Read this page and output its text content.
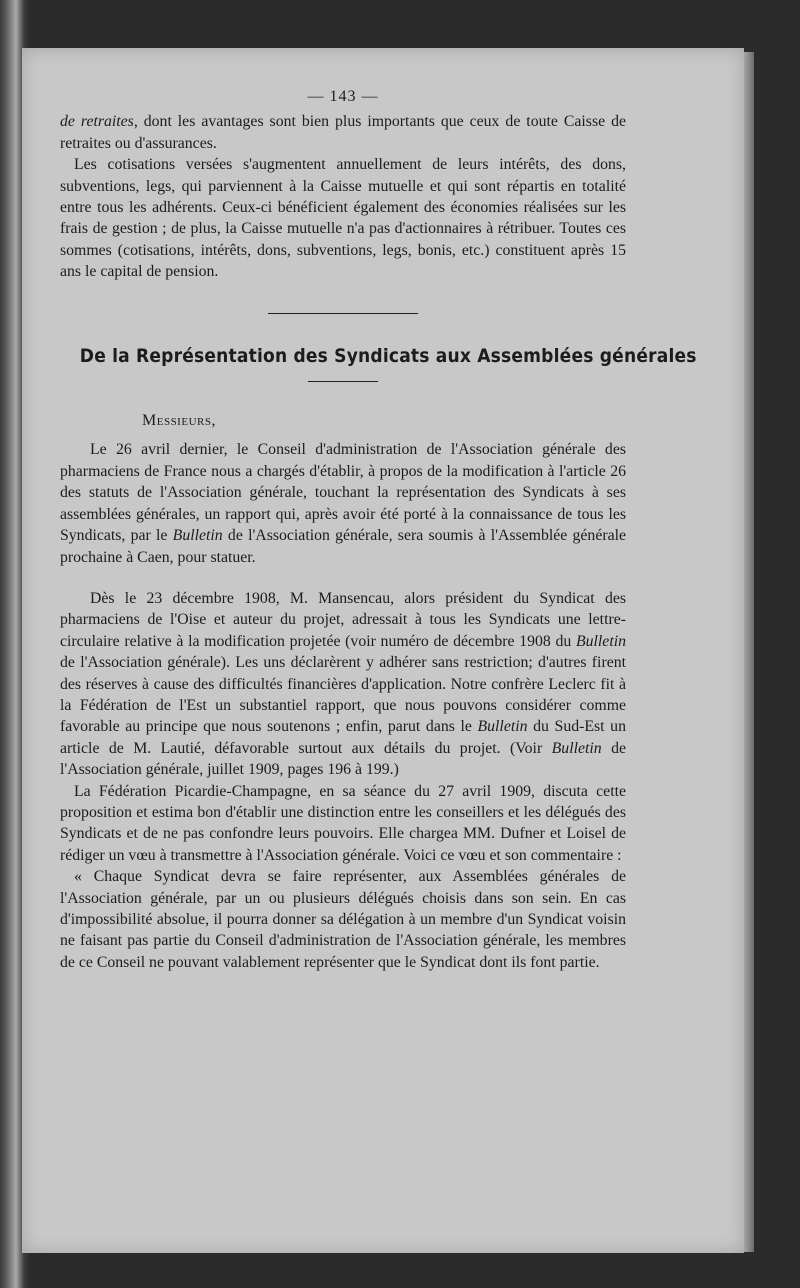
— 143 —

de retraites, dont les avantages sont bien plus importants que ceux de toute Caisse de retraites ou d'assurances.

Les cotisations versées s'augmentent annuellement de leurs intérêts, des dons, subventions, legs, qui parviennent à la Caisse mutuelle et qui sont répartis en totalité entre tous les adhérents. Ceux-ci bénéficient également des économies réalisées sur les frais de gestion ; de plus, la Caisse mutuelle n'a pas d'actionnaires à rétribuer. Toutes ces sommes (cotisations, intérêts, dons, subventions, legs, bonis, etc.) constituent après 15 ans le capital de pension.

De la Représentation des Syndicats aux Assemblées générales
Messieurs,

Le 26 avril dernier, le Conseil d'administration de l'Association générale des pharmaciens de France nous a chargés d'établir, à propos de la modification à l'article 26 des statuts de l'Association générale, touchant la représentation des Syndicats à ses assemblées générales, un rapport qui, après avoir été porté à la connaissance de tous les Syndicats, par le Bulletin de l'Association générale, sera soumis à l'Assemblée générale prochaine à Caen, pour statuer.

Dès le 23 décembre 1908, M. Mansencau, alors président du Syndicat des pharmaciens de l'Oise et auteur du projet, adressait à tous les Syndicats une lettre-circulaire relative à la modification projetée (voir numéro de décembre 1908 du Bulletin de l'Association générale). Les uns déclarèrent y adhérer sans restriction; d'autres firent des réserves à cause des difficultés financières d'application. Notre confrère Leclerc fit à la Fédération de l'Est un substantiel rapport, que nous pouvons considérer comme favorable au principe que nous soutenons ; enfin, parut dans le Bulletin du Sud-Est un article de M. Lautié, défavorable surtout aux détails du projet. (Voir Bulletin de l'Association générale, juillet 1909, pages 196 à 199.)

La Fédération Picardie-Champagne, en sa séance du 27 avril 1909, discuta cette proposition et estima bon d'établir une distinction entre les conseillers et les délégués des Syndicats et de ne pas confondre leurs pouvoirs. Elle chargea MM. Dufner et Loisel de rédiger un vœu à transmettre à l'Association générale. Voici ce vœu et son commentaire :

« Chaque Syndicat devra se faire représenter, aux Assemblées générales de l'Association générale, par un ou plusieurs délégués choisis dans son sein. En cas d'impossibilité absolue, il pourra donner sa délégation à un membre d'un Syndicat voisin ne faisant pas partie du Conseil d'administration de l'Association générale, les membres de ce Conseil ne pouvant valablement représenter que le Syndicat dont ils font partie.
